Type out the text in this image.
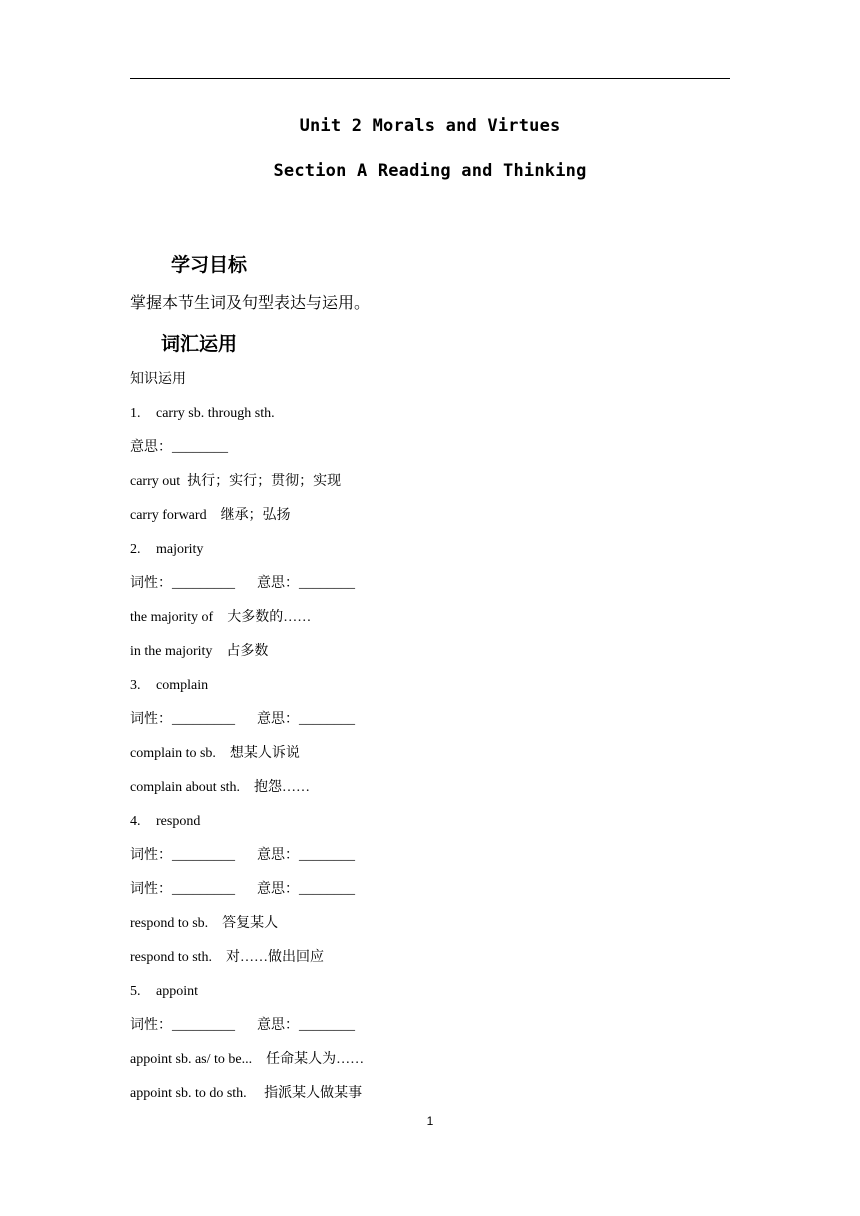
Unit 2 Morals and Virtues
Section A Reading and Thinking
学习目标
掌握本节生词及句型表达与运用。
词汇运用
知识运用
1. carry sb. through sth.
意思：________
carry out  执行；实行；贯彻；实现
carry forward    继承；弘扬
2. majority
词性：_________ 意思：________
the majority of    大多数的……
in the majority    占多数
3. complain
词性：_________ 意思：________
complain to sb.    想某人诉说
complain about sth.    抱怨……
4. respond
词性：_________ 意思：________
词性：_________ 意思：________
respond to sb.    答复某人
respond to sth.    对……做出回应
5. appoint
词性：_________ 意思：________
appoint sb. as/ to be...    任命某人为……
appoint sb. to do sth.     指派某人做某事
1
